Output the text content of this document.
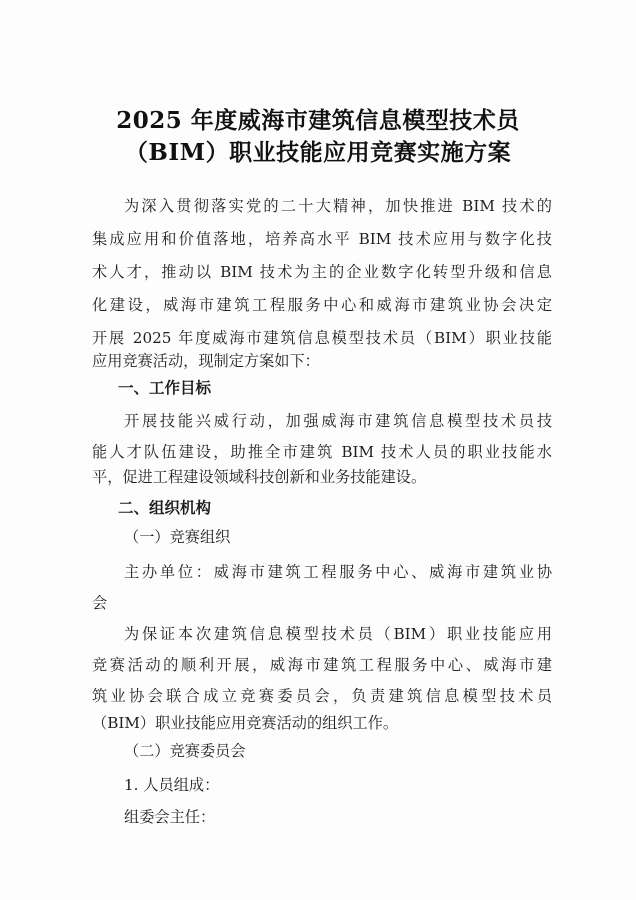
2025 年度威海市建筑信息模型技术员
（BIM）职业技能应用竞赛实施方案
为深入贯彻落实党的二十大精神，加快推进 BIM 技术的
集成应用和价值落地，培养高水平 BIM 技术应用与数字化技
术人才，推动以 BIM 技术为主的企业数字化转型升级和信息
化建设，威海市建筑工程服务中心和威海市建筑业协会决定
开展 2025 年度威海市建筑信息模型技术员（BIM）职业技能
应用竞赛活动，现制定方案如下：
一、工作目标
开展技能兴威行动，加强威海市建筑信息模型技术员技
能人才队伍建设，助推全市建筑 BIM 技术人员的职业技能水
平，促进工程建设领域科技创新和业务技能建设。
二、组织机构
（一）竞赛组织
主办单位：威海市建筑工程服务中心、威海市建筑业协
会
为保证本次建筑信息模型技术员（BIM）职业技能应用
竞赛活动的顺利开展，威海市建筑工程服务中心、威海市建
筑业协会联合成立竞赛委员会，负责建筑信息模型技术员
（BIM）职业技能应用竞赛活动的组织工作。
（二）竞赛委员会
1. 人员组成：
组委会主任：
